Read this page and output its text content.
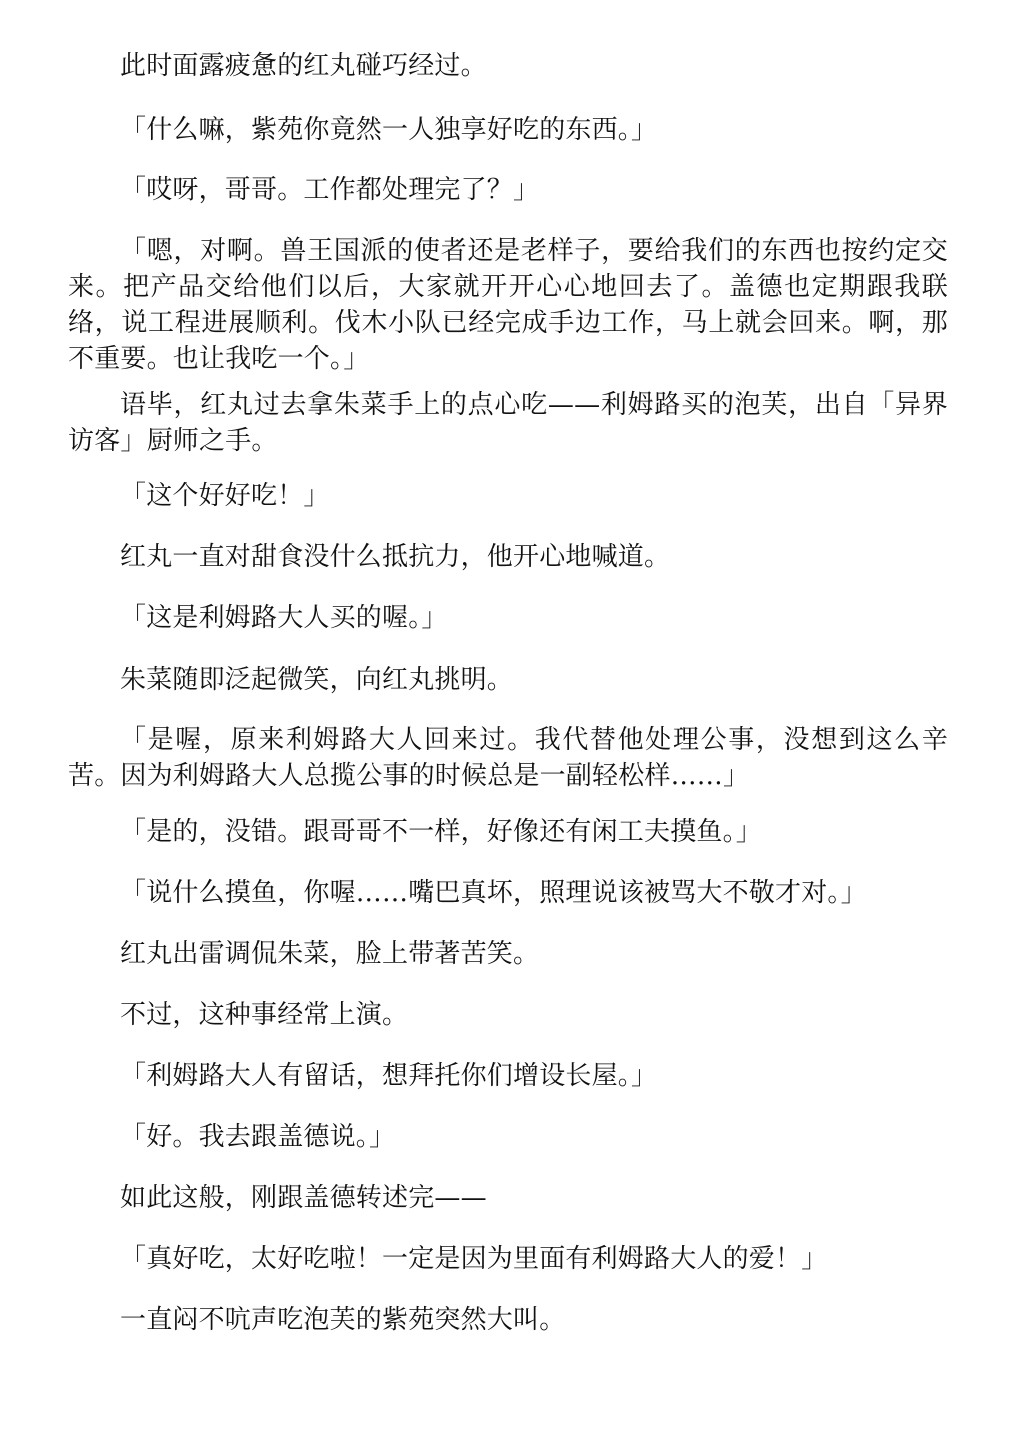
此时面露疲惫的红丸碰巧经过。

「什么嘛，紫苑你竟然一人独享好吃的东西。」

「哎呀，哥哥。工作都处理完了？」

「嗯，对啊。兽王国派的使者还是老样子，要给我们的东西也按约定交来。把产品交给他们以后，大家就开开心心地回去了。盖德也定期跟我联络，说工程进展顺利。伐木小队已经完成手边工作，马上就会回来。啊，那不重要。也让我吃一个。」

语毕，红丸过去拿朱菜手上的点心吃——利姆路买的泡芙，出自「异界访客」厨师之手。

「这个好好吃！」

红丸一直对甜食没什么抵抗力，他开心地喊道。

「这是利姆路大人买的喔。」

朱菜随即泛起微笑，向红丸挑明。

「是喔，原来利姆路大人回来过。我代替他处理公事，没想到这么辛苦。因为利姆路大人总揽公事的时候总是一副轻松样……」

「是的，没错。跟哥哥不一样，好像还有闲工夫摸鱼。」

「说什么摸鱼，你喔……嘴巴真坏，照理说该被骂大不敬才对。」

红丸出雷调侃朱菜，脸上带著苦笑。

不过，这种事经常上演。

「利姆路大人有留话，想拜托你们增设长屋。」

「好。我去跟盖德说。」

如此这般，刚跟盖德转述完——

「真好吃，太好吃啦！一定是因为里面有利姆路大人的爱！」

一直闷不吭声吃泡芙的紫苑突然大叫。
